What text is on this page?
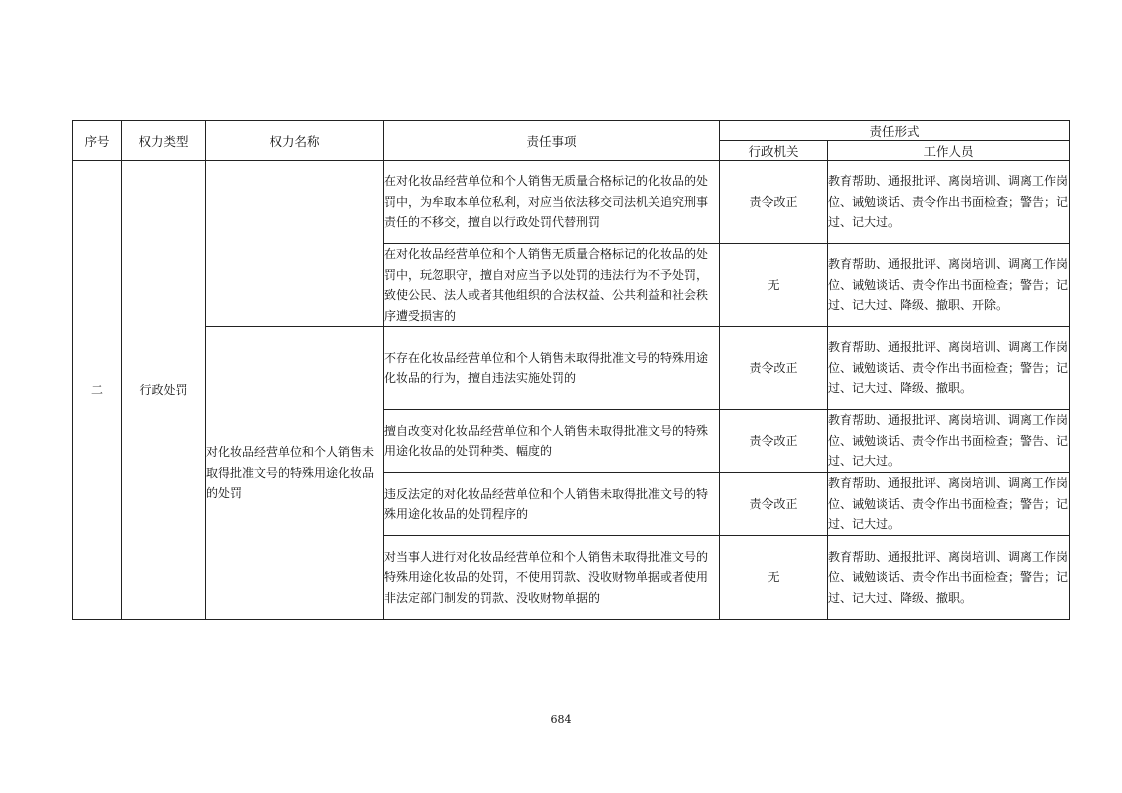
序号	权力类型	权力名称	责任事项	责任形式	
				行政机关	工作人员
二	行政处罚		在对化妆品经营单位和个人销售无质量合格标记的化妆品的处罚中，为牟取本单位私利，对应当依法移交司法机关追究刑事责任的不移交，擅自以行政处罚代替刑罚	责令改正	教育帮助、通报批评、离岗培训、调离工作岗位、诫勉谈话、责令作出书面检查；警告；记过、记大过。
			在对化妆品经营单位和个人销售无质量合格标记的化妆品的处罚中，玩忽职守，擅自对应当予以处罚的违法行为不予处罚，致使公民、法人或者其他组织的合法权益、公共利益和社会秩序遭受损害的	无	教育帮助、通报批评、离岗培训、调离工作岗位、诫勉谈话、责令作出书面检查；警告；记过、记大过、降级、撤职、开除。
		对化妆品经营单位和个人销售未取得批准文号的特殊用途化妆品的处罚	不存在化妆品经营单位和个人销售未取得批准文号的特殊用途化妆品的行为，擅自违法实施处罚的	责令改正	教育帮助、通报批评、离岗培训、调离工作岗位、诫勉谈话、责令作出书面检查；警告；记过、记大过、降级、撤职。
			擅自改变对化妆品经营单位和个人销售未取得批准文号的特殊用途化妆品的处罚种类、幅度的	责令改正	教育帮助、通报批评、离岗培训、调离工作岗位、诫勉谈话、责令作出书面检查；警告、记过、记大过。
			违反法定的对化妆品经营单位和个人销售未取得批准文号的特殊用途化妆品的处罚程序的	责令改正	教育帮助、通报批评、离岗培训、调离工作岗位、诫勉谈话、责令作出书面检查；警告；记过、记大过。
			对当事人进行对化妆品经营单位和个人销售未取得批准文号的特殊用途化妆品的处罚，不使用罚款、没收财物单据或者使用非法定部门制发的罚款、没收财物单据的	无	教育帮助、通报批评、离岗培训、调离工作岗位、诫勉谈话、责令作出书面检查；警告；记过、记大过、降级、撤职。
684
